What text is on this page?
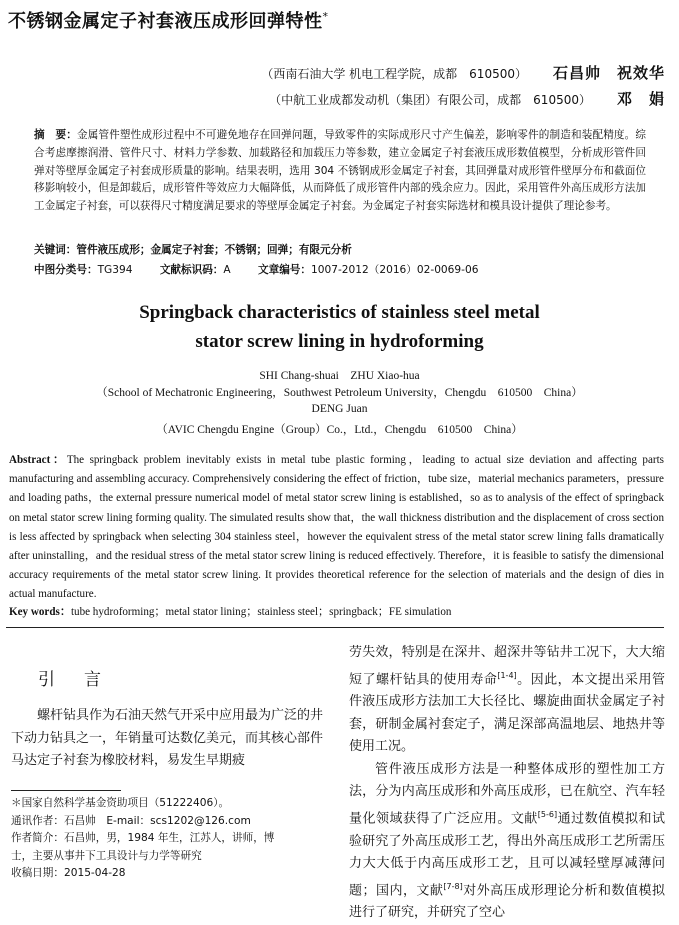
不锈钢金属定子衬套液压成形回弹特性*
（西南石油大学 机电工程学院，成都　610500） 石昌帅　祝效华
（中航工业成都发动机（集团）有限公司，成都　610500） 邓　娟
摘　要：金属管件塑性成形过程中不可避免地存在回弹问题，导致零件的实际成形尺寸产生偏差，影响零件的制造和装配精度。综合考虑摩擦润滑、管件尺寸、材料力学参数、加载路径和加载压力等参数，建立金属定子衬套液压成形数值模型，分析成形管件回弹对等壁厚金属定子衬套成形质量的影响。结果表明，选用 304 不锈钢成形金属定子衬套，其回弹量对成形管件壁厚分布和截面位移影响较小，但是卸载后，成形管件等效应力大幅降低，从而降低了成形管件内部的残余应力。因此，采用管件外高压成形方法加工金属定子衬套，可以获得尺寸精度满足要求的等壁厚金属定子衬套。为金属定子衬套实际选材和模具设计提供了理论参考。
关键词：管件液压成形；金属定子衬套；不锈钢；回弹；有限元分析
中图分类号：TG394	文献标识码：A	文章编号：1007-2012（2016）02-0069-06
Springback characteristics of stainless steel metal
stator screw lining in hydroforming
SHI Chang-shuai　ZHU Xiao-hua
（School of Mechatronic Engineering，Southwest Petroleum University，Chengdu　610500　China）
DENG Juan
（AVIC Chengdu Engine（Group）Co.，Ltd.，Chengdu　610500　China）
Abstract：The springback problem inevitably exists in metal tube plastic forming，leading to actual size deviation and affecting parts manufacturing and assembling accuracy. Comprehensively considering the effect of friction，tube size，material mechanics parameters，pressure and loading paths，the external pressure numerical model of metal stator screw lining is established，so as to analysis of the effect of springback on metal stator screw lining forming quality. The simulated results show that，the wall thickness distribution and the displacement of cross section is less affected by springback when selecting 304 stainless steel，however the equivalent stress of the metal stator screw lining falls dramatically after uninstalling，and the residual stress of the metal stator screw lining is reduced effectively. Therefore，it is feasible to satisfy the dimensional accuracy requirements of the metal stator screw lining. It provides theoretical reference for the selection of materials and the design of dies in actual manufacture.
Key words：tube hydroforming；metal stator lining；stainless steel；springback；FE simulation
引　言
螺杆钻具作为石油天然气开采中应用最为广泛的井下动力钻具之一，年销量可达数亿美元，而其核心部件马达定子衬套为橡胶材料，易发生早期疲
＊国家自然科学基金资助项目（51222406）。
通讯作者：石昌帅　E-mail：scs1202@126.com
作者简介：石昌帅，男，1984 年生，江苏人，讲师，博
士，主要从事井下工具设计与力学等研究
收稿日期：2015-04-28

劳失效，特别是在深井、超深井等钻井工况下，大大缩短了螺杆钻具的使用寿命[1-4]。因此，本文提出采用管件液压成形方法加工大长径比、螺旋曲面状金属定子衬套，研制金属衬套定子，满足深部高温地层、地热井等使用工况。

管件液压成形方法是一种整体成形的塑性加工方法，分为内高压成形和外高压成形，已在航空、汽车轻量化领域获得了广泛应用。文献[5-6]通过数值模拟和试验研究了外高压成形工艺，得出外高压成形工艺所需压力大大低于内高压成形工艺，且可以减轻壁厚减薄问题；国内，文献[7-8]对外高压成形理论分析和数值模拟进行了研究，并研究了空心
